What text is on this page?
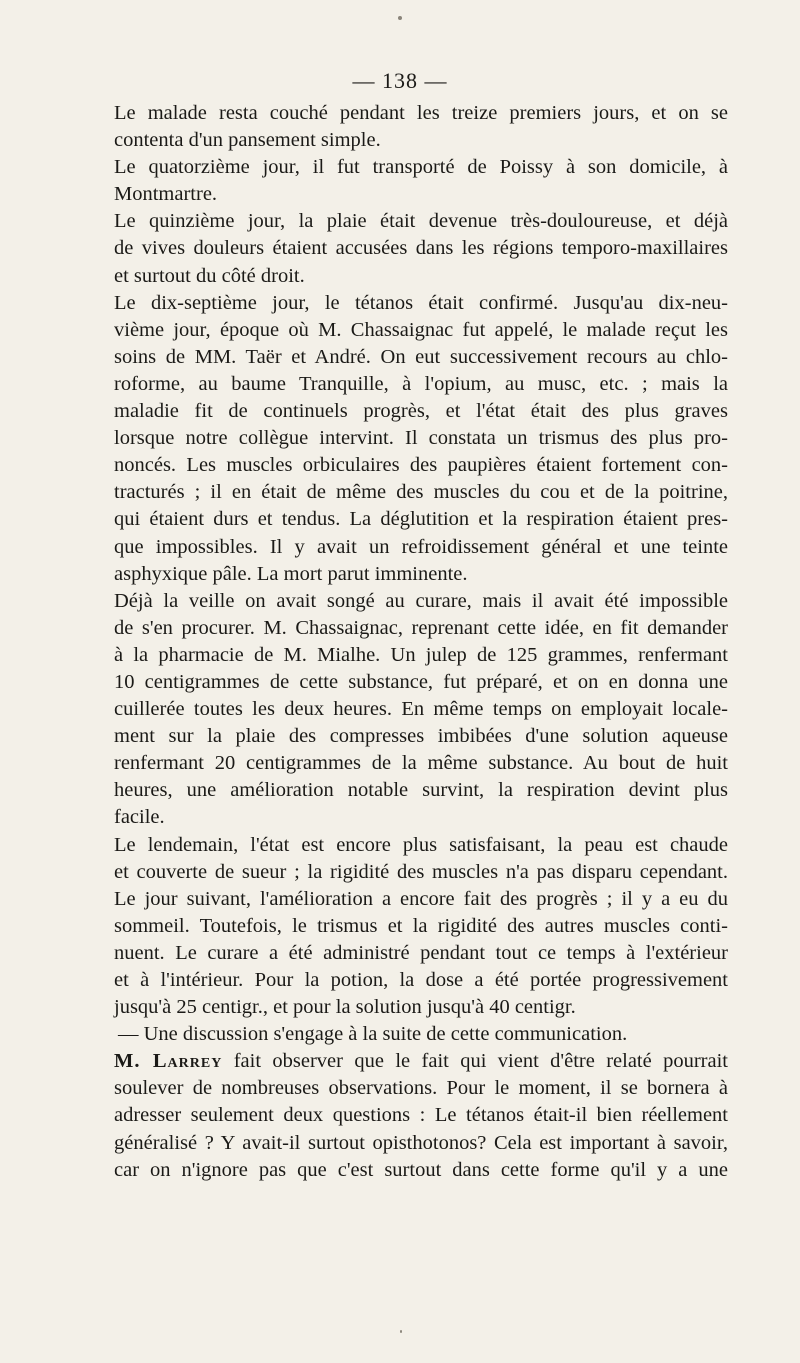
— 138 —
Le malade resta couché pendant les treize premiers jours, et on se
contenta d'un pansement simple.
Le quatorzième jour, il fut transporté de Poissy à son domicile, à
Montmartre.
Le quinzième jour, la plaie était devenue très-douloureuse, et déjà
de vives douleurs étaient accusées dans les régions temporo-maxillaires
et surtout du côté droit.
Le dix-septième jour, le tétanos était confirmé. Jusqu'au dix-neu-
vième jour, époque où M. Chassaignac fut appelé, le malade reçut les
soins de MM. Taër et André. On eut successivement recours au chlo-
roforme, au baume Tranquille, à l'opium, au musc, etc. ; mais la
maladie fit de continuels progrès, et l'état était des plus graves
lorsque notre collègue intervint. Il constata un trismus des plus pro-
noncés. Les muscles orbiculaires des paupières étaient fortement con-
tracturés ; il en était de même des muscles du cou et de la poitrine,
qui étaient durs et tendus. La déglutition et la respiration étaient pres-
que impossibles. Il y avait un refroidissement général et une teinte
asphyxique pâle. La mort parut imminente.
Déjà la veille on avait songé au curare, mais il avait été impossible
de s'en procurer. M. Chassaignac, reprenant cette idée, en fit demander
à la pharmacie de M. Mialhe. Un julep de 125 grammes, renfermant
10 centigrammes de cette substance, fut préparé, et on en donna une
cuillerée toutes les deux heures. En même temps on employait locale-
ment sur la plaie des compresses imbibées d'une solution aqueuse
renfermant 20 centigrammes de la même substance. Au bout de huit
heures, une amélioration notable survint, la respiration devint plus
facile.
Le lendemain, l'état est encore plus satisfaisant, la peau est chaude
et couverte de sueur ; la rigidité des muscles n'a pas disparu cependant.
Le jour suivant, l'amélioration a encore fait des progrès ; il y a eu du
sommeil. Toutefois, le trismus et la rigidité des autres muscles conti-
nuent. Le curare a été administré pendant tout ce temps à l'extérieur
et à l'intérieur. Pour la potion, la dose a été portée progressivement
jusqu'à 25 centigr., et pour la solution jusqu'à 40 centigr.
— Une discussion s'engage à la suite de cette communication.
M. Larrey fait observer que le fait qui vient d'être relaté pourrait
soulever de nombreuses observations. Pour le moment, il se bornera à
adresser seulement deux questions : Le tétanos était-il bien réellement
généralisé ? Y avait-il surtout opisthotonos? Cela est important à savoir,
car on n'ignore pas que c'est surtout dans cette forme qu'il y a une
